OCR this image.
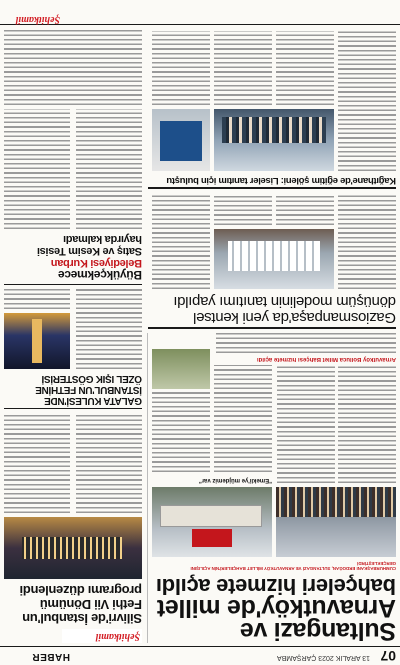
07
13 ARALIK 2023 ÇARŞAMBA
HABER
Sultangazi ve
Arnavutköy'de millet
bahçeleri hizmete açıldı
CUMHURBAŞKANI ERDOĞAN, SULTANGAZİ VE ARNAVUTKÖY MİLLET BAHÇELERİ'NİN AÇILIŞINI GERÇEKLEŞTİRDİ
"Emekli'ye müjdemiz var"
Arnavutköy Bolluca Millet Bahçesi hizmete açıldı
Şehitkamil
Silivri'de İstanbul'un
Fethi Vii Dönümü
programı düzenlendi
GALATA KULESİ'NDE
İSTANBUL'UN FETHİNE
ÖZEL IŞIK GÖSTERİSİ
Gaziosmanpaşa'da yeni kentsel
dönüşüm modelinin tanıtımı yapıldı
Büyükçekmece
Belediyesi Kurban
Satış ve Kesim Tesisi
hayırda kalmadı
Kağıthane'de eğitim şöleni: Liseler tanıtım için buluştu
Şehitkamil
